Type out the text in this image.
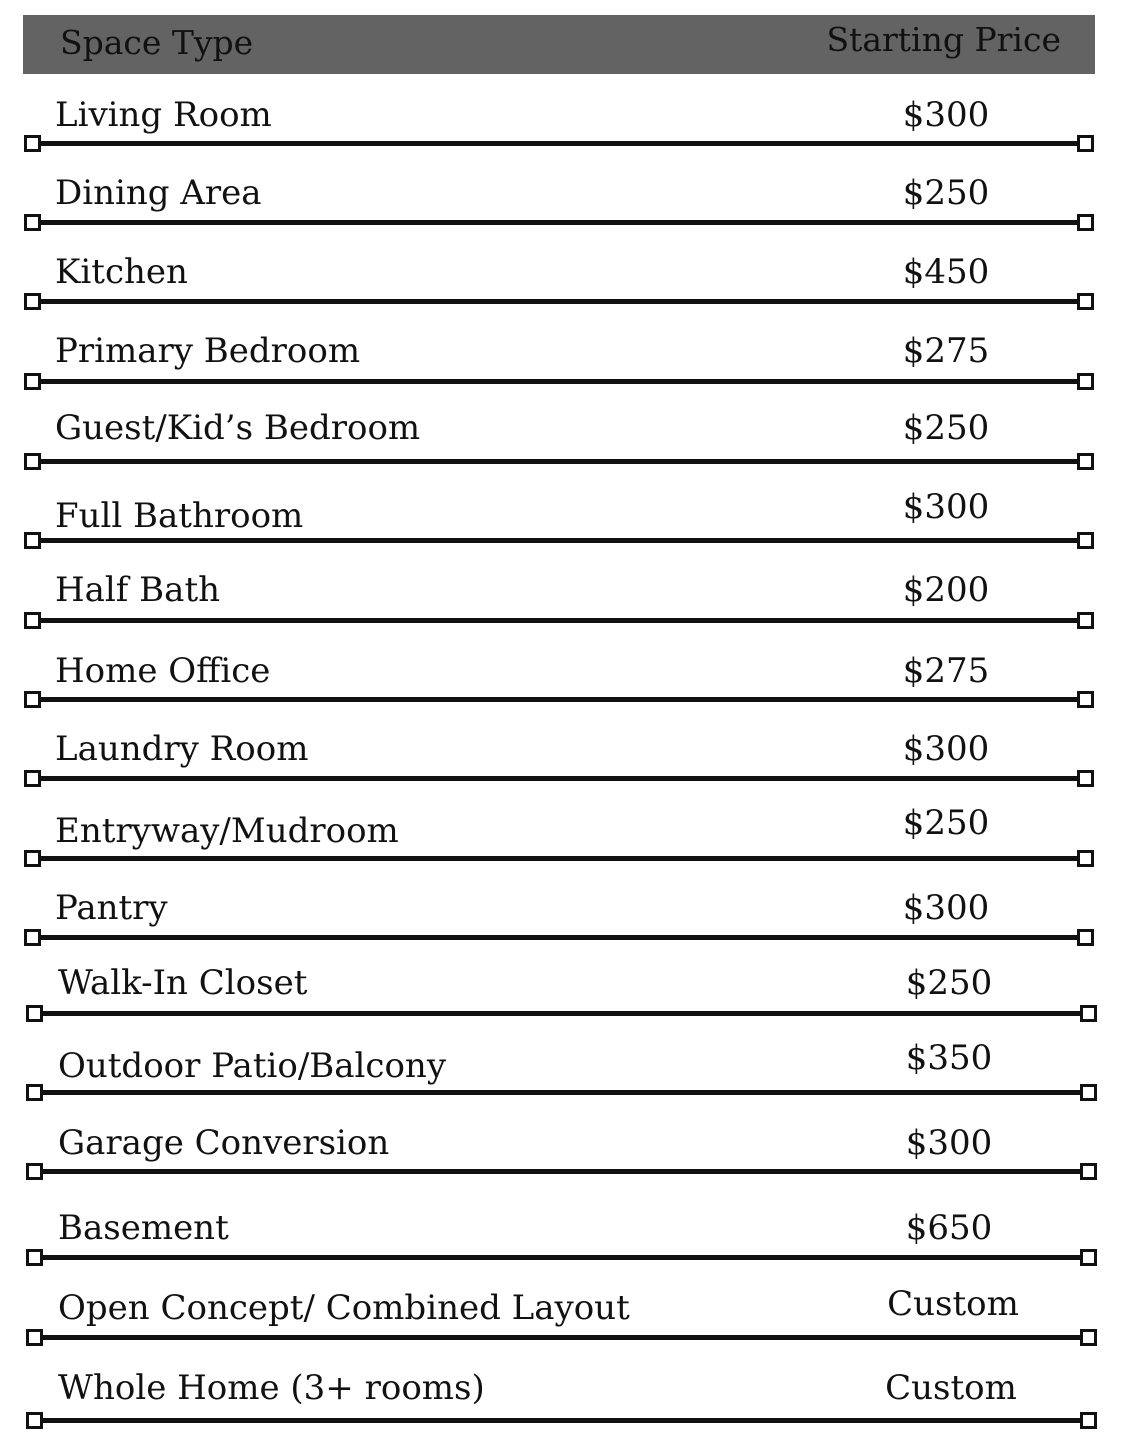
Space Type	Starting Price
Living Room	$300
Dining Area	$250
Kitchen	$450
Primary Bedroom	$275
Guest/Kid’s Bedroom	$250
Full Bathroom	$300
Half Bath	$200
Home Office	$275
Laundry Room	$300
Entryway/Mudroom	$250
Pantry	$300
Walk-In Closet	$250
Outdoor Patio/Balcony	$350
Garage Conversion	$300
Basement	$650
Open Concept/ Combined Layout	Custom
Whole Home (3+ rooms)	Custom
